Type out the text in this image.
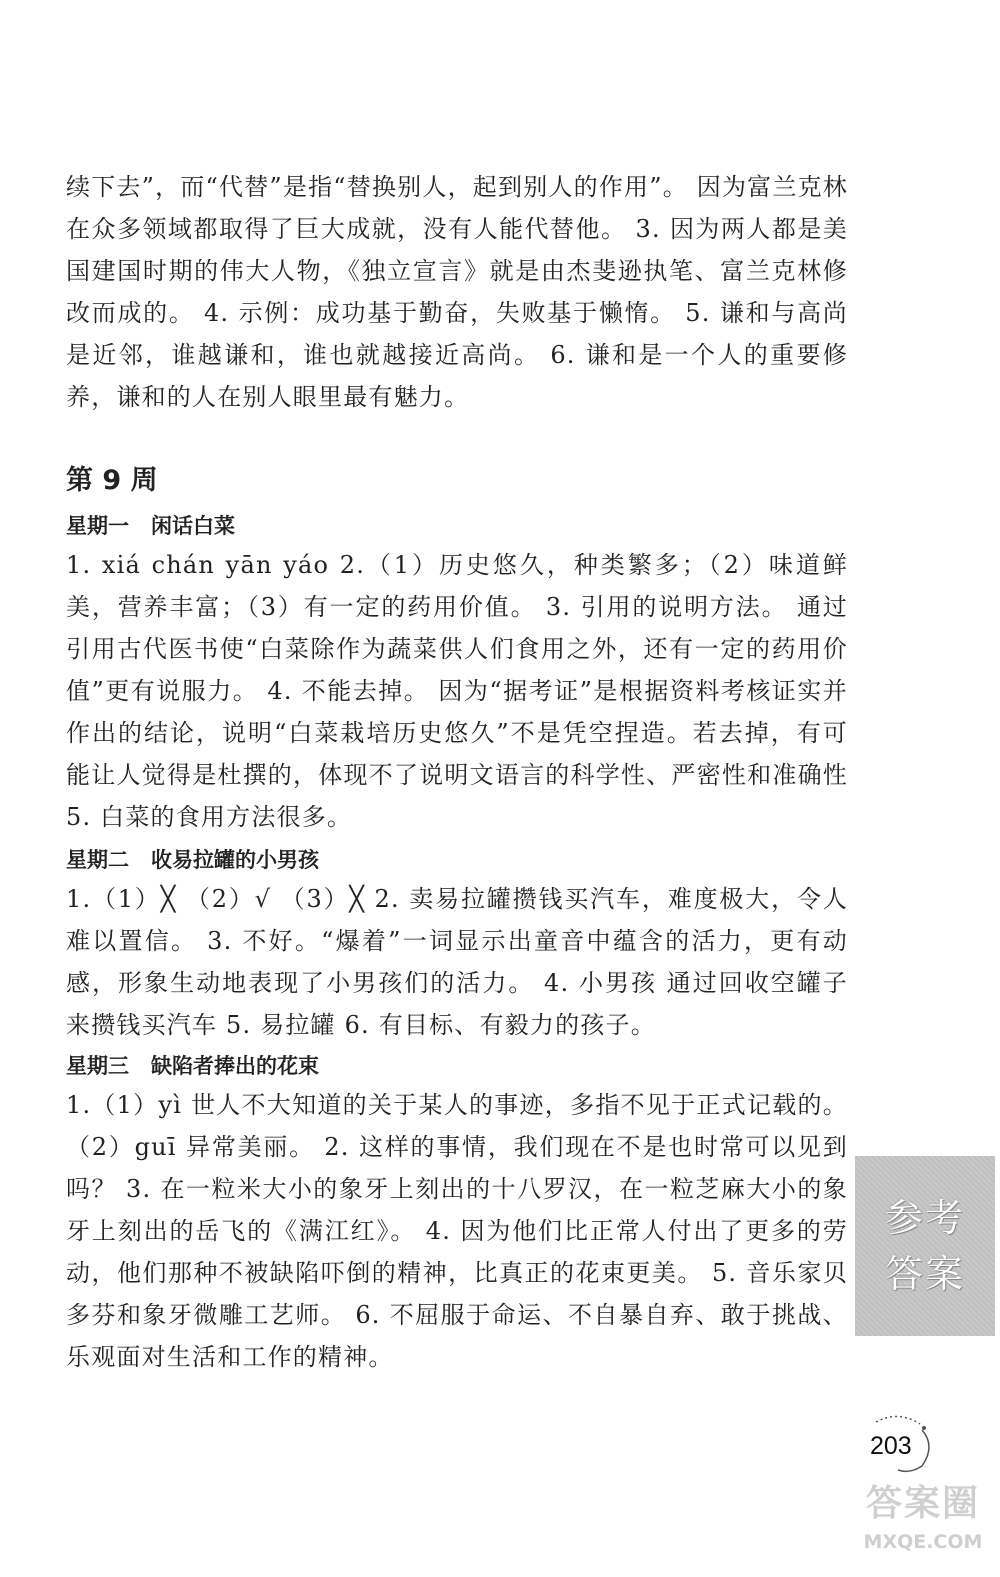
续下去”，而“代替”是指“替换别人，起到别人的作用”。 因为富兰克林在众多领域都取得了巨大成就，没有人能代替他。 3. 因为两人都是美国建国时期的伟大人物，《独立宣言》就是由杰斐逊执笔、富兰克林修改而成的。 4. 示例：成功基于勤奋，失败基于懒惰。 5. 谦和与高尚是近邻，谁越谦和，谁也就越接近高尚。 6. 谦和是一个人的重要修养，谦和的人在别人眼里最有魅力。

第 9 周
星期一 闲话白菜

1. xiá chán yān yáo 2.（1）历史悠久，种类繁多；（2）味道鲜美，营养丰富；（3）有一定的药用价值。 3. 引用的说明方法。 通过引用古代医书使“白菜除作为蔬菜供人们食用之外，还有一定的药用价值”更有说服力。 4. 不能去掉。 因为“据考证”是根据资料考核证实并作出的结论，说明“白菜栽培历史悠久”不是凭空捏造。若去掉，有可能让人觉得是杜撰的，体现不了说明文语言的科学性、严密性和准确性 5. 白菜的食用方法很多。

星期二 收易拉罐的小男孩

1.（1）╳ （2）√ （3）╳ 2. 卖易拉罐攒钱买汽车，难度极大，令人难以置信。 3. 不好。“爆着”一词显示出童音中蕴含的活力，更有动感，形象生动地表现了小男孩们的活力。 4. 小男孩 通过回收空罐子来攒钱买汽车 5. 易拉罐 6. 有目标、有毅力的孩子。

星期三 缺陷者捧出的花束

1.（1）yì 世人不大知道的关于某人的事迹，多指不见于正式记载的。（2）guī 异常美丽。 2. 这样的事情，我们现在不是也时常可以见到吗？ 3. 在一粒米大小的象牙上刻出的十八罗汉，在一粒芝麻大小的象牙上刻出的岳飞的《满江红》。 4. 因为他们比正常人付出了更多的劳动，他们那种不被缺陷吓倒的精神，比真正的花束更美。 5. 音乐家贝多芬和象牙微雕工艺师。 6. 不屈服于命运、不自暴自弃、敢于挑战、乐观面对生活和工作的精神。

参考
答案
203
答案圈
MXQE.COM
